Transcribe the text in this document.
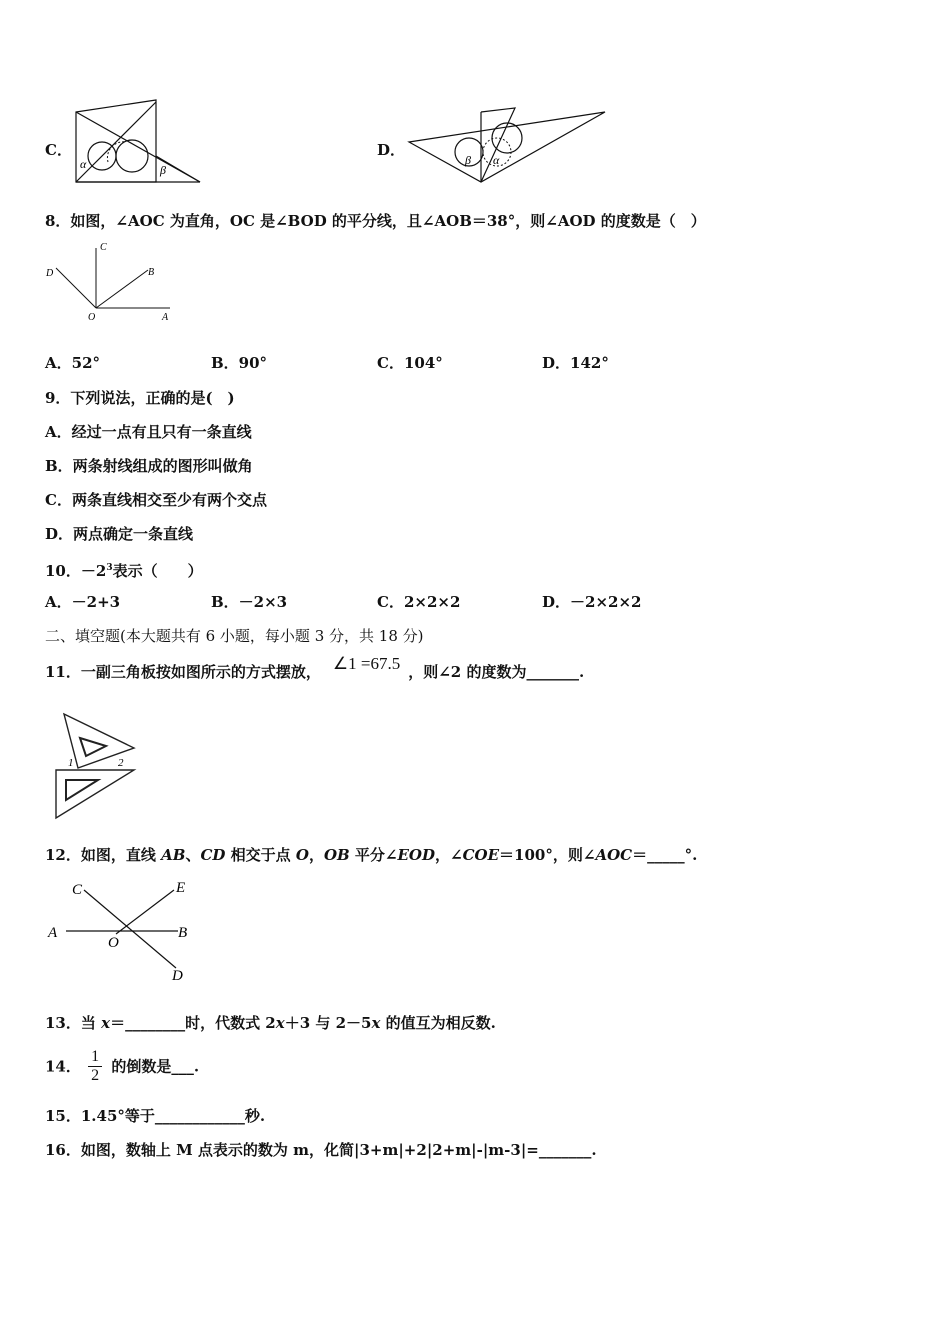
C．
α	β
D．
β α
8．如图，∠AOC 为直角，OC 是∠BOD 的平分线，且∠AOB＝38°，则∠AOD 的度数是（　）
C
D	B
O	A
A．52°	B．90°	C．104°	D．142°
9．下列说法，正确的是(　)
A．经过一点有且只有一条直线
B．两条射线组成的图形叫做角
C．两条直线相交至少有两个交点
D．两点确定一条直线
10．$-2^3$表示（　　）
A．－2+3	B．－2×3	C．2×2×2	D．－2×2×2
二、填空题(本大题共有 6 小题，每小题 3 分，共 18 分)
11．一副三角板按如图所示的方式摆放， ∠1 =67.5 ，则∠2 的度数为_______.
1	2
12．如图，直线 AB、CD 相交于点 O，OB 平分∠EOD，∠COE＝100°，则∠AOC＝_____°.
C	E
A
O
B
D
13．当 x＝________时，代数式 2x＋3 与 2－5x 的值互为相反数.
14． $\frac{1}{2}$ 的倒数是___.
15．1.45°等于____________秒.
16．如图，数轴上 M 点表示的数为 m，化简|3+m|+2|2+m|-|m-3|=_______.
